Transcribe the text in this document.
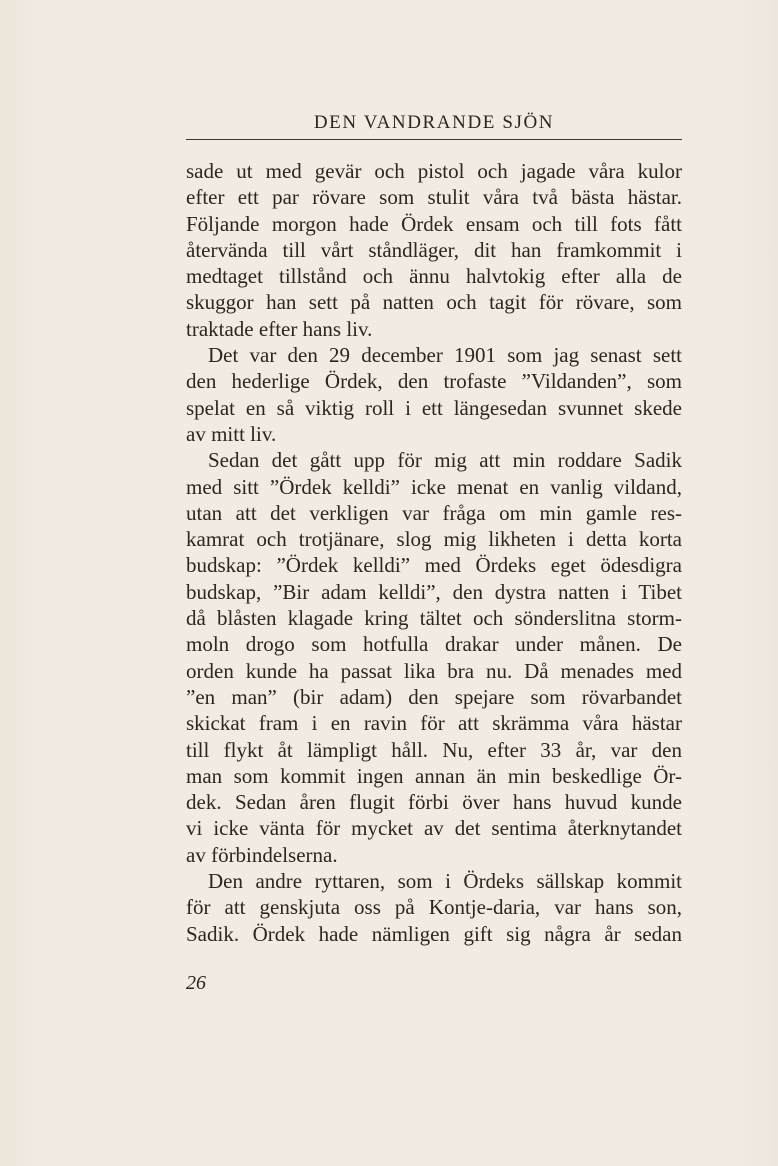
DEN VANDRANDE SJÖN
sade ut med gevär och pistol och jagade våra kulor
efter ett par rövare som stulit våra två bästa hästar.
Följande morgon hade Ördek ensam och till fots fått
återvända till vårt ståndläger, dit han framkommit i
medtaget tillstånd och ännu halvtokig efter alla de
skuggor han sett på natten och tagit för rövare, som
traktade efter hans liv.
Det var den 29 december 1901 som jag senast sett
den hederlige Ördek, den trofaste ”Vildanden”, som
spelat en så viktig roll i ett längesedan svunnet skede
av mitt liv.
Sedan det gått upp för mig att min roddare Sadik
med sitt ”Ördek kelldi” icke menat en vanlig vildand,
utan att det verkligen var fråga om min gamle res-
kamrat och trotjänare, slog mig likheten i detta korta
budskap: ”Ördek kelldi” med Ördeks eget ödesdigra
budskap, ”Bir adam kelldi”, den dystra natten i Tibet
då blåsten klagade kring tältet och sönderslitna storm-
moln drogo som hotfulla drakar under månen. De
orden kunde ha passat lika bra nu. Då menades med
”en man” (bir adam) den spejare som rövarbandet
skickat fram i en ravin för att skrämma våra hästar
till flykt åt lämpligt håll. Nu, efter 33 år, var den
man som kommit ingen annan än min beskedlige Ör-
dek. Sedan åren flugit förbi över hans huvud kunde
vi icke vänta för mycket av det sentima återknytandet
av förbindelserna.
Den andre ryttaren, som i Ördeks sällskap kommit
för att genskjuta oss på Kontje-daria, var hans son,
Sadik. Ördek hade nämligen gift sig några år sedan
26
